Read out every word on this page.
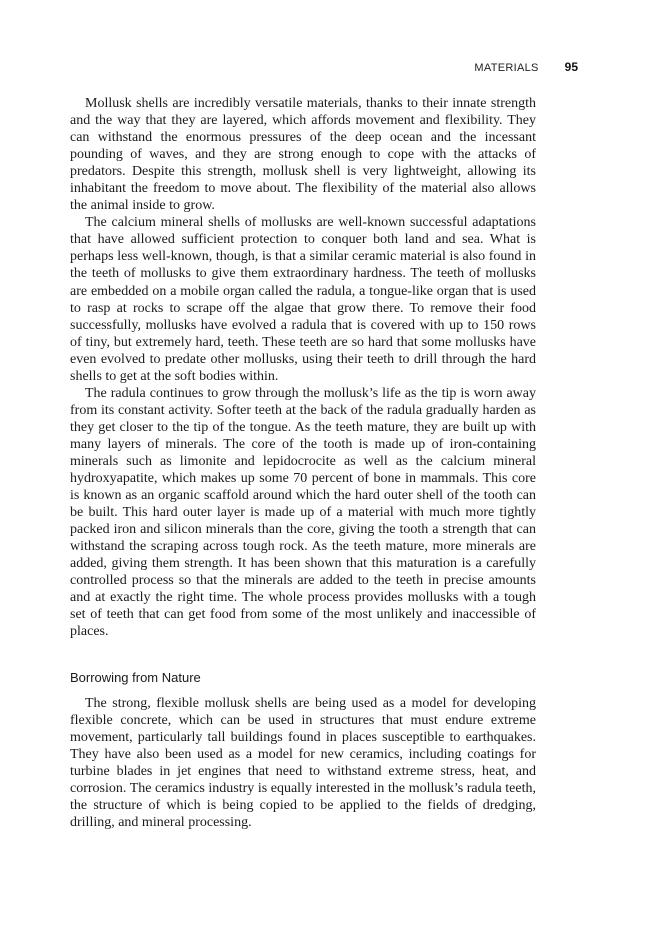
MATERIALS 95

Mollusk shells are incredibly versatile materials, thanks to their innate strength and the way that they are layered, which affords movement and flexibility. They can withstand the enormous pressures of the deep ocean and the incessant pounding of waves, and they are strong enough to cope with the attacks of predators. Despite this strength, mollusk shell is very lightweight, allowing its inhabitant the freedom to move about. The flexibility of the material also allows the animal inside to grow.

The calcium mineral shells of mollusks are well-known successful adaptations that have allowed sufficient protection to conquer both land and sea. What is perhaps less well-known, though, is that a similar ceramic material is also found in the teeth of mollusks to give them extraordinary hardness. The teeth of mollusks are embedded on a mobile organ called the radula, a tongue-like organ that is used to rasp at rocks to scrape off the algae that grow there. To remove their food successfully, mollusks have evolved a radula that is covered with up to 150 rows of tiny, but extremely hard, teeth. These teeth are so hard that some mollusks have even evolved to predate other mollusks, using their teeth to drill through the hard shells to get at the soft bodies within.

The radula continues to grow through the mollusk’s life as the tip is worn away from its constant activity. Softer teeth at the back of the radula gradually harden as they get closer to the tip of the tongue. As the teeth mature, they are built up with many layers of minerals. The core of the tooth is made up of iron-containing minerals such as limonite and lepidocrocite as well as the calcium mineral hydroxyapatite, which makes up some 70 percent of bone in mammals. This core is known as an organic scaffold around which the hard outer shell of the tooth can be built. This hard outer layer is made up of a material with much more tightly packed iron and silicon minerals than the core, giving the tooth a strength that can withstand the scraping across tough rock. As the teeth mature, more minerals are added, giving them strength. It has been shown that this maturation is a carefully controlled process so that the minerals are added to the teeth in precise amounts and at exactly the right time. The whole process provides mollusks with a tough set of teeth that can get food from some of the most unlikely and inaccessible of places.

Borrowing from Nature

The strong, flexible mollusk shells are being used as a model for developing flexible concrete, which can be used in structures that must endure extreme movement, particularly tall buildings found in places susceptible to earthquakes. They have also been used as a model for new ceramics, including coatings for turbine blades in jet engines that need to withstand extreme stress, heat, and corrosion. The ceramics industry is equally interested in the mollusk’s radula teeth, the structure of which is being copied to be applied to the fields of dredging, drilling, and mineral processing.
